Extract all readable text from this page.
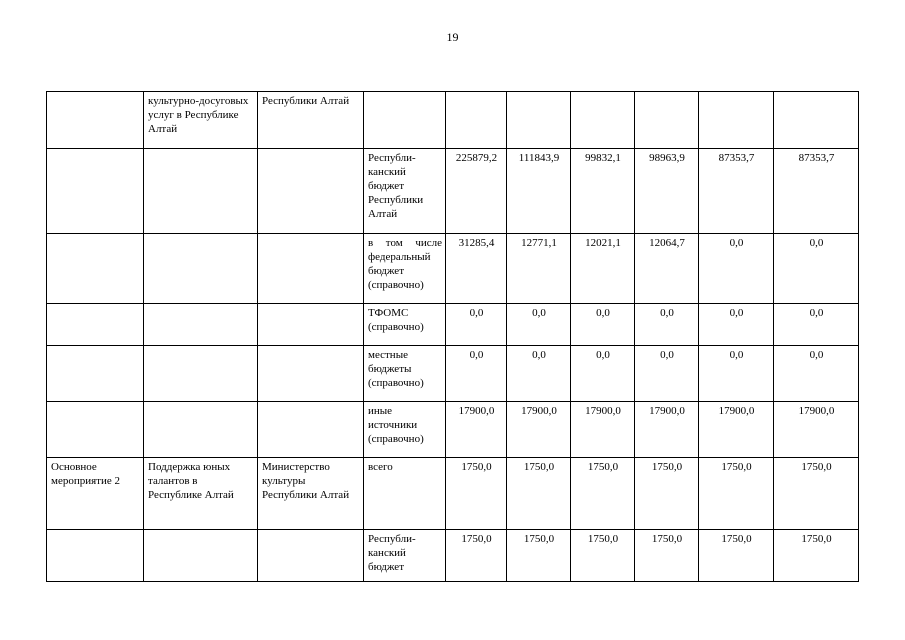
19
	культурно-досуговых услуг в Республике Алтай	Республики Алтай							
			Республи-канский бюджет Республики Алтай	225879,2	111843,9	99832,1	98963,9	87353,7	87353,7
			в том числе федеральный бюджет (справочно)	31285,4	12771,1	12021,1	12064,7	0,0	0,0
			ТФОМС (справочно)	0,0	0,0	0,0	0,0	0,0	0,0
			местные бюджеты (справочно)	0,0	0,0	0,0	0,0	0,0	0,0
			иные источники (справочно)	17900,0	17900,0	17900,0	17900,0	17900,0	17900,0
Основное мероприятие 2	Поддержка юных талантов в Республике Алтай	Министерство культуры Республики Алтай	всего	1750,0	1750,0	1750,0	1750,0	1750,0	1750,0
			Республи-канский бюджет	1750,0	1750,0	1750,0	1750,0	1750,0	1750,0
